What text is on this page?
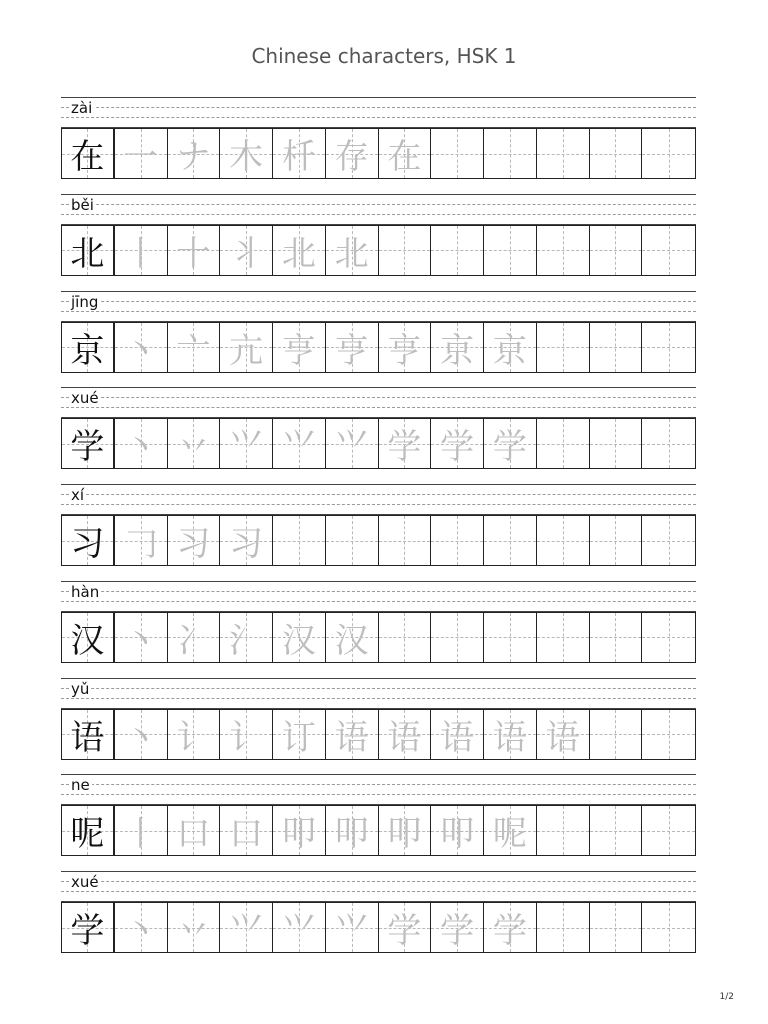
Chinese characters, HSK 1
zài
在 一 ナ 木 杄 存 在
běi
北 丨 十 丬 北 北
jīng
京 丶 亠 亢 亨 亨 亨 京 京
xué
学 丶 丷 ⺍ ⺍ ⺍ 学 学 学
xí
习 𠃌 习 习
hàn
汉 丶 冫 氵 汉 汉
yǔ
语 丶 讠 讠 订 语 语 语 语 语
ne
呢 丨 口 口 叩 叩 叩 叩 呢
xué
学 丶 丷 ⺍ ⺍ ⺍ 学 学 学
1/2
